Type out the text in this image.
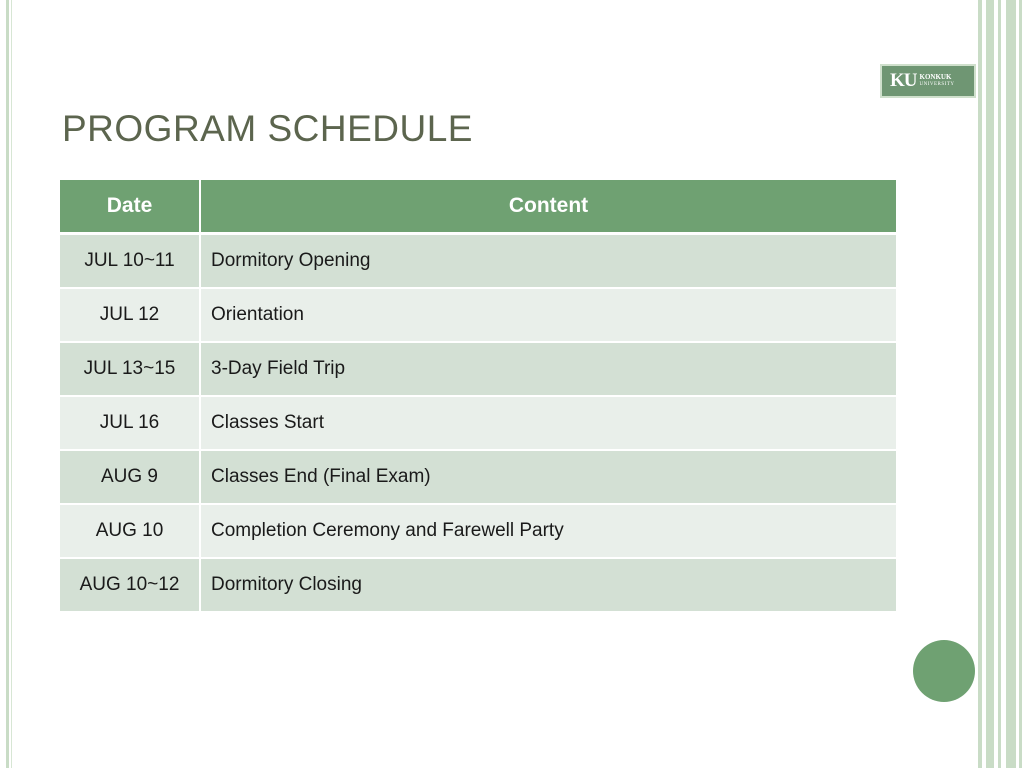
KU KONKUK
UNIVERSITY
PROGRAM SCHEDULE
Date	Content
JUL 10~11	Dormitory Opening
JUL 12	Orientation
JUL 13~15	3-Day Field Trip
JUL 16	Classes Start
AUG 9	Classes End (Final Exam)
AUG 10	Completion Ceremony and Farewell Party
AUG 10~12	Dormitory Closing
